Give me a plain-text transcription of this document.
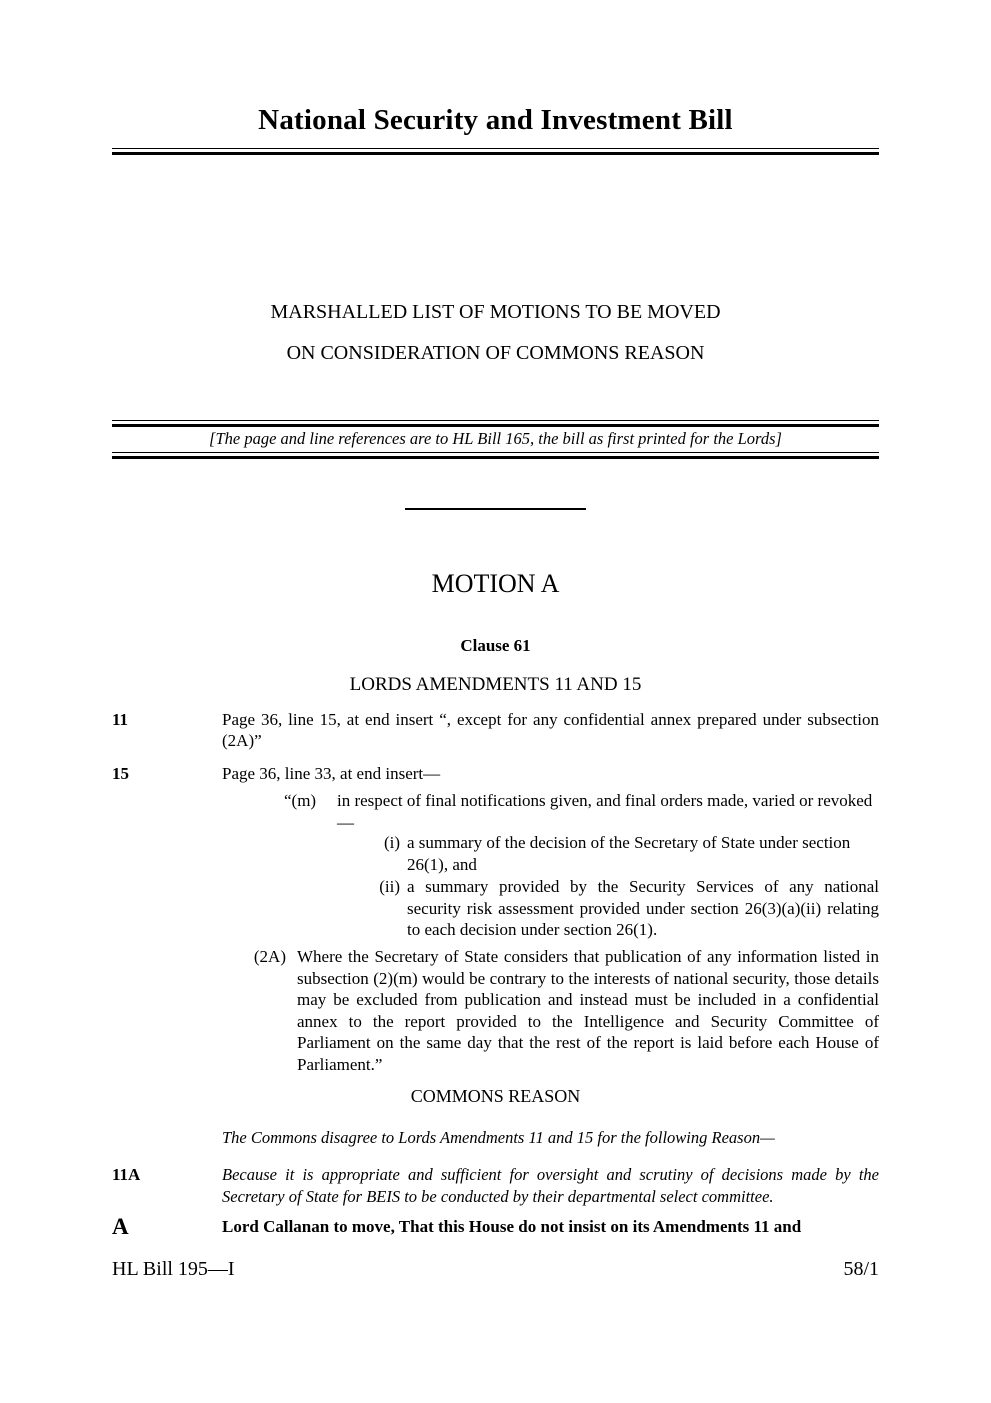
National Security and Investment Bill
MARSHALLED LIST OF MOTIONS TO BE MOVED
ON CONSIDERATION OF COMMONS REASON
[The page and line references are to HL Bill 165, the bill as first printed for the Lords]
MOTION A
Clause 61
LORDS AMENDMENTS 11 AND 15
11	Page 36, line 15, at end insert “, except for any confidential annex prepared under subsection (2A)”
15	Page 36, line 33, at end insert—
“(m)	in respect of final notifications given, and final orders made, varied or revoked—
(i) a summary of the decision of the Secretary of State under section 26(1), and
(ii) a summary provided by the Security Services of any national security risk assessment provided under section 26(3)(a)(ii) relating to each decision under section 26(1).
(2A) Where the Secretary of State considers that publication of any information listed in subsection (2)(m) would be contrary to the interests of national security, those details may be excluded from publication and instead must be included in a confidential annex to the report provided to the Intelligence and Security Committee of Parliament on the same day that the rest of the report is laid before each House of Parliament.”
COMMONS REASON
The Commons disagree to Lords Amendments 11 and 15 for the following Reason—
11A	Because it is appropriate and sufficient for oversight and scrutiny of decisions made by the Secretary of State for BEIS to be conducted by their departmental select committee.
A	Lord Callanan to move, That this House do not insist on its Amendments 11 and
HL Bill 195—I	58/1
